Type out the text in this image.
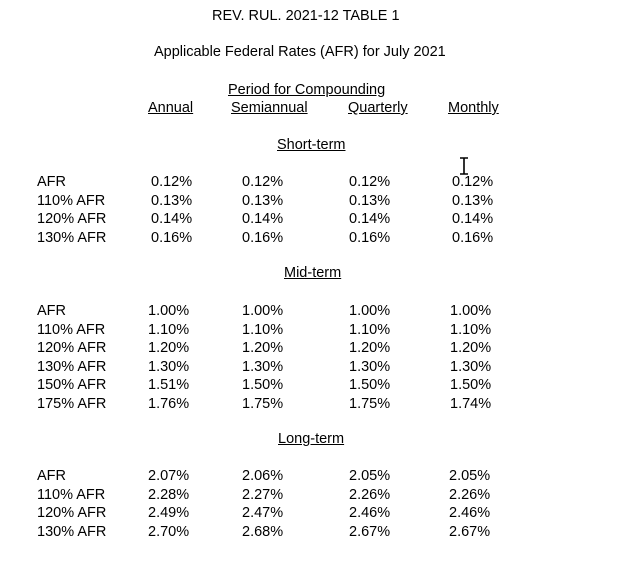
REV. RUL. 2021-12 TABLE 1
Applicable Federal Rates (AFR) for July 2021
Period for Compounding
Annual	Semiannual	Quarterly	Monthly
Short-term
Mid-term
Long-term
AFR	0.12%	0.12%	0.12%	0.12%
110% AFR	0.13%	0.13%	0.13%	0.13%
120% AFR	0.14%	0.14%	0.14%	0.14%
130% AFR	0.16%	0.16%	0.16%	0.16%
AFR	1.00%	1.00%	1.00%	1.00%
110% AFR	1.10%	1.10%	1.10%	1.10%
120% AFR	1.20%	1.20%	1.20%	1.20%
130% AFR	1.30%	1.30%	1.30%	1.30%
150% AFR	1.51%	1.50%	1.50%	1.50%
175% AFR	1.76%	1.75%	1.75%	1.74%
AFR	2.07%	2.06%	2.05%	2.05%
110% AFR	2.28%	2.27%	2.26%	2.26%
120% AFR	2.49%	2.47%	2.46%	2.46%
130% AFR	2.70%	2.68%	2.67%	2.67%
